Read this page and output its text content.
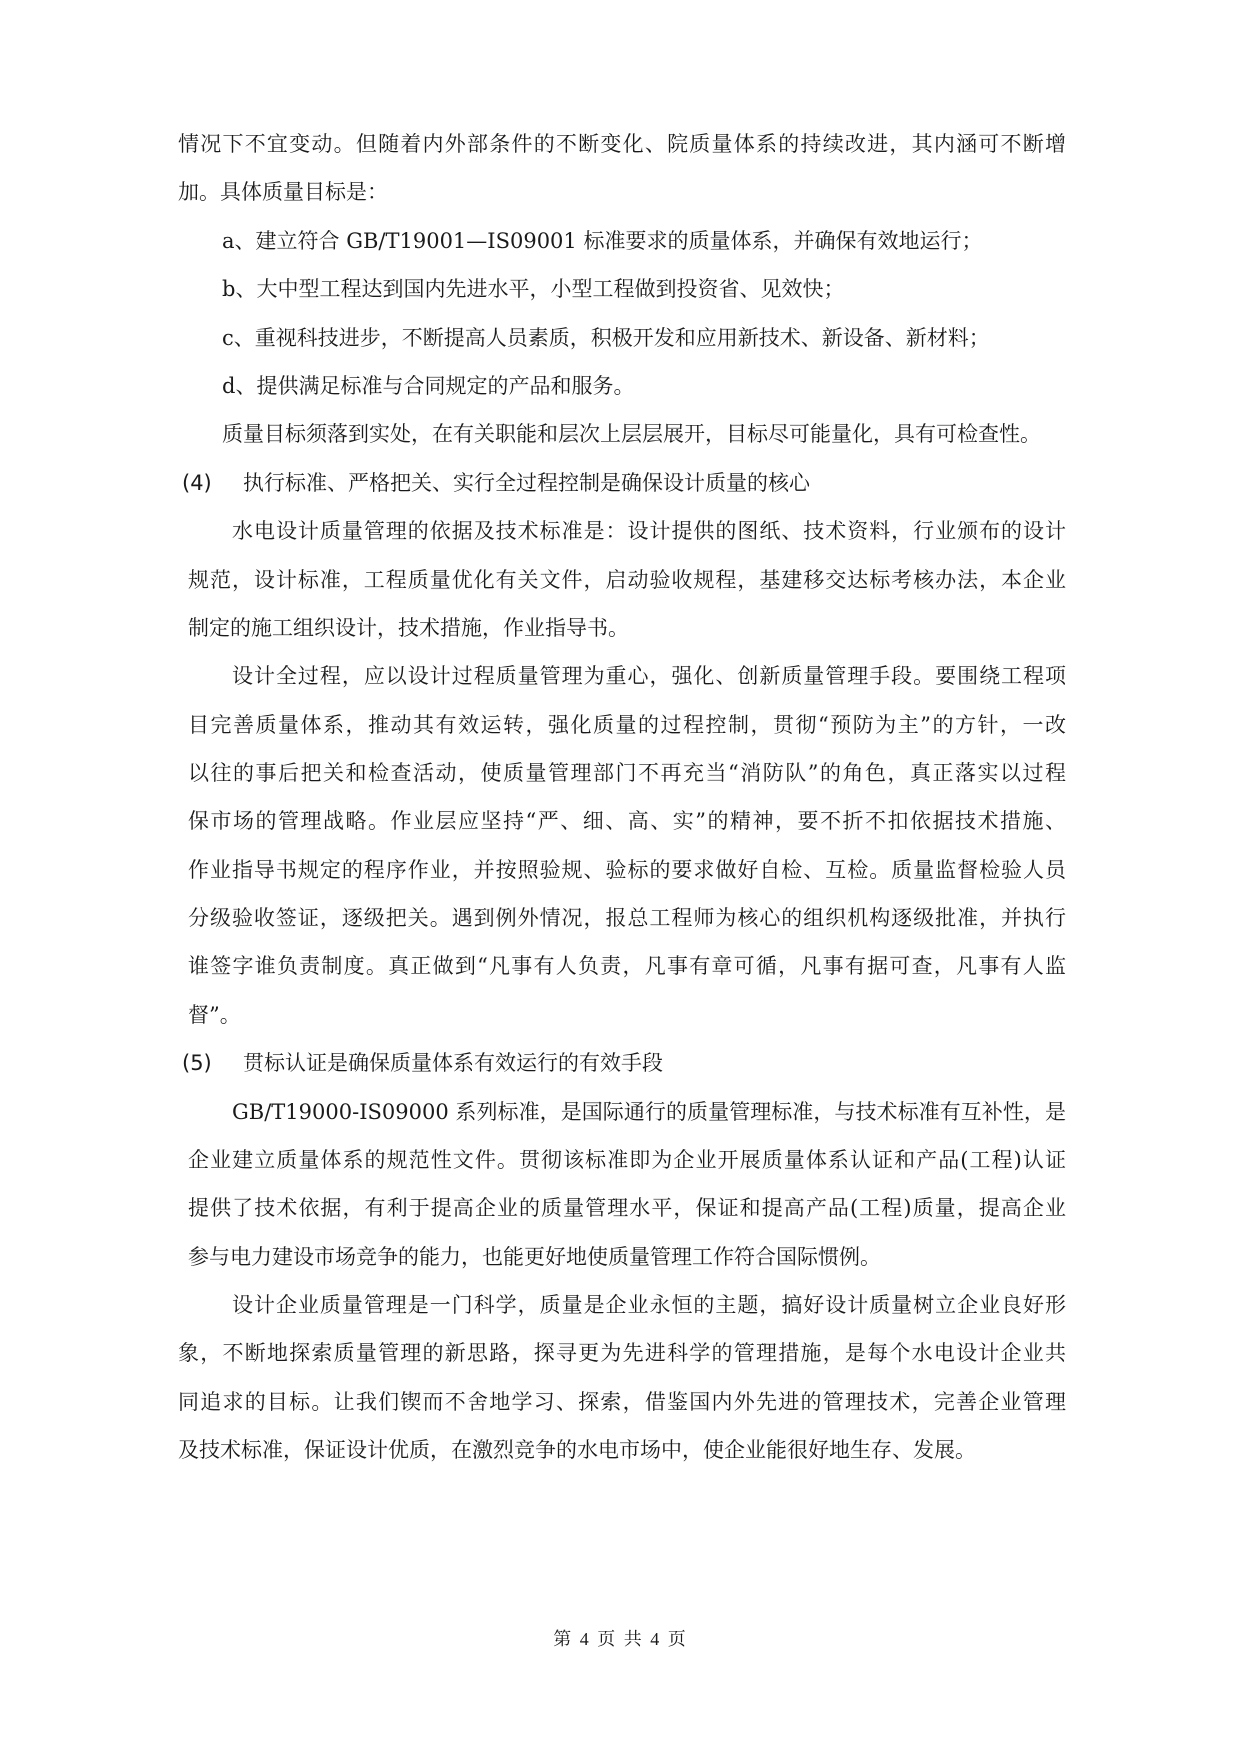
情况下不宜变动。但随着内外部条件的不断变化、院质量体系的持续改进，其内涵可不断增
加。具体质量目标是：
a、建立符合 GB/T19001—IS09001 标准要求的质量体系，并确保有效地运行；
b、大中型工程达到国内先进水平，小型工程做到投资省、见效快；
c、重视科技进步，不断提高人员素质，积极开发和应用新技术、新设备、新材料；
d、提供满足标准与合同规定的产品和服务。
质量目标须落到实处，在有关职能和层次上层层展开，目标尽可能量化，具有可检查性。
(4)	执行标准、严格把关、实行全过程控制是确保设计质量的核心
水电设计质量管理的依据及技术标准是：设计提供的图纸、技术资料，行业颁布的设计
规范，设计标准，工程质量优化有关文件，启动验收规程，基建移交达标考核办法，本企业
制定的施工组织设计，技术措施，作业指导书。
设计全过程，应以设计过程质量管理为重心，强化、创新质量管理手段。要围绕工程项
目完善质量体系，推动其有效运转，强化质量的过程控制，贯彻“预防为主”的方针，一改
以往的事后把关和检查活动，使质量管理部门不再充当“消防队”的角色，真正落实以过程
保市场的管理战略。作业层应坚持“严、细、高、实”的精神，要不折不扣依据技术措施、
作业指导书规定的程序作业，并按照验规、验标的要求做好自检、互检。质量监督检验人员
分级验收签证，逐级把关。遇到例外情况，报总工程师为核心的组织机构逐级批准，并执行
谁签字谁负责制度。真正做到“凡事有人负责，凡事有章可循，凡事有据可查，凡事有人监
督”。
(5)	贯标认证是确保质量体系有效运行的有效手段
GB/T19000-IS09000 系列标准，是国际通行的质量管理标准，与技术标准有互补性，是
企业建立质量体系的规范性文件。贯彻该标准即为企业开展质量体系认证和产品(工程)认证
提供了技术依据，有利于提高企业的质量管理水平，保证和提高产品(工程)质量，提高企业
参与电力建设市场竞争的能力，也能更好地使质量管理工作符合国际惯例。
设计企业质量管理是一门科学，质量是企业永恒的主题，搞好设计质量树立企业良好形
象，不断地探索质量管理的新思路，探寻更为先进科学的管理措施，是每个水电设计企业共
同追求的目标。让我们锲而不舍地学习、探索，借鉴国内外先进的管理技术，完善企业管理
及技术标准，保证设计优质，在激烈竞争的水电市场中，使企业能很好地生存、发展。
第 4 页 共 4 页
